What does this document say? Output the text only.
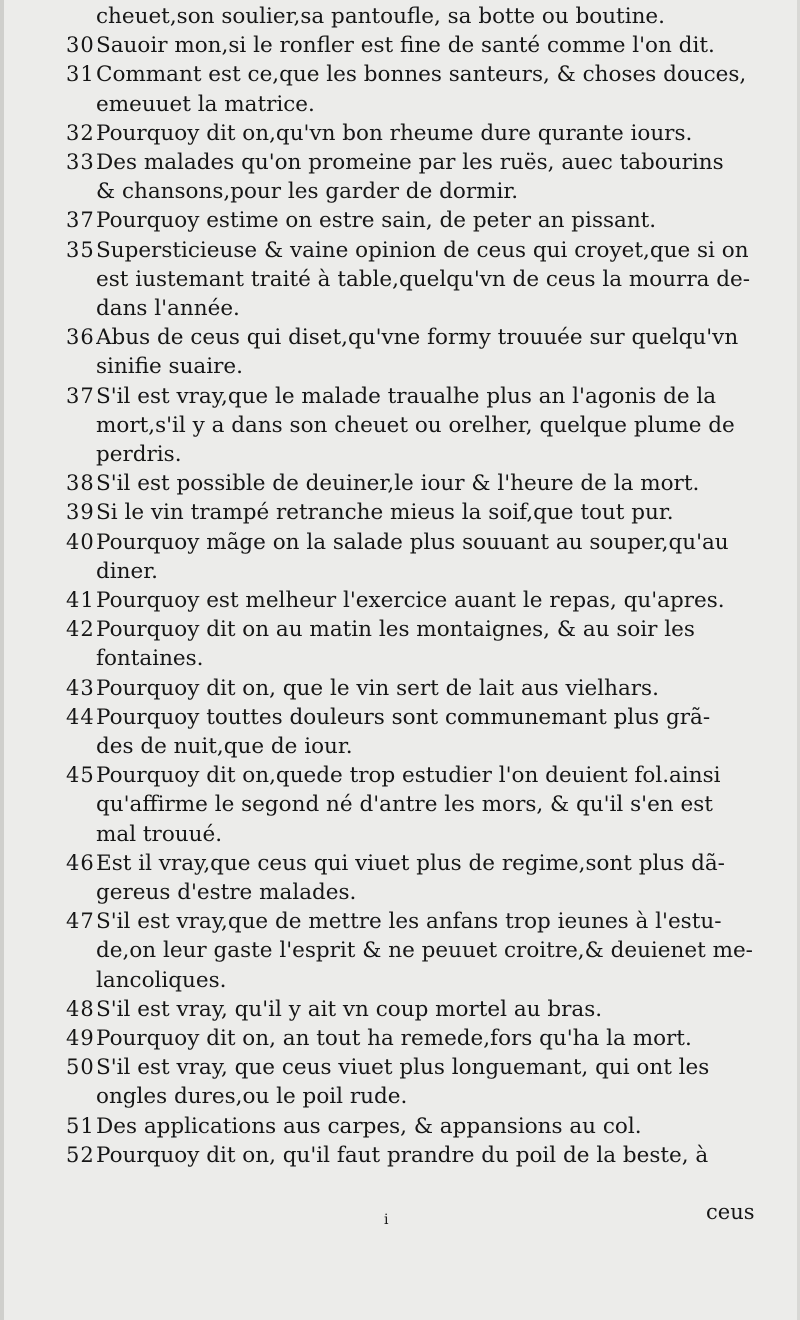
cheuet,son soulier,sa pantoufle, sa botte ou boutine.
30 Sauoir mon,si le ronfler est fine de santé comme l'on dit.
31 Commant est ce,que les bonnes santeurs, & choses douces,
emeuuet la matrice.
32 Pourquoy dit on,qu'vn bon rheume dure qurante iours.
33 Des malades qu'on promeine par les ruës, auec tabourins
& chansons,pour les garder de dormir.
37 Pourquoy estime on estre sain, de peter an pissant.
35 Supersticieuse & vaine opinion de ceus qui croyet,que si on
est iustemant traité à table,quelqu'vn de ceus la mourra de-
dans l'année.
36 Abus de ceus qui diset,qu'vne formy trouuée sur quelqu'vn
sinifie suaire.
37 S'il est vray,que le malade traualhe plus an l'agonis de la
mort,s'il y a dans son cheuet ou orelher, quelque plume de
perdris.
38 S'il est possible de deuiner,le iour & l'heure de la mort.
39 Si le vin trampé retranche mieus la soif,que tout pur.
40 Pourquoy mãge on la salade plus souuant au souper,qu'au
diner.
41 Pourquoy est melheur l'exercice auant le repas, qu'apres.
42 Pourquoy dit on au matin les montaignes, & au soir les
fontaines.
43 Pourquoy dit on, que le vin sert de lait aus vielhars.
44 Pourquoy touttes douleurs sont communemant plus grã-
des de nuit,que de iour.
45 Pourquoy dit on,quede trop estudier l'on deuient fol.ainsi
qu'affirme le segond né d'antre les mors, & qu'il s'en est
mal trouué.
46 Est il vray,que ceus qui viuet plus de regime,sont plus dã-
gereus d'estre malades.
47 S'il est vray,que de mettre les anfans trop ieunes à l'estu-
de,on leur gaste l'esprit & ne peuuet croitre,& deuienet me-
lancoliques.
48 S'il est vray, qu'il y ait vn coup mortel au bras.
49 Pourquoy dit on, an tout ha remede,fors qu'ha la mort.
50 S'il est vray, que ceus viuet plus longuemant, qui ont les
ongles dures,ou le poil rude.
51 Des applications aus carpes, & appansions au col.
52 Pourquoy dit on, qu'il faut prandre du poil de la beste, à
i	ceus
